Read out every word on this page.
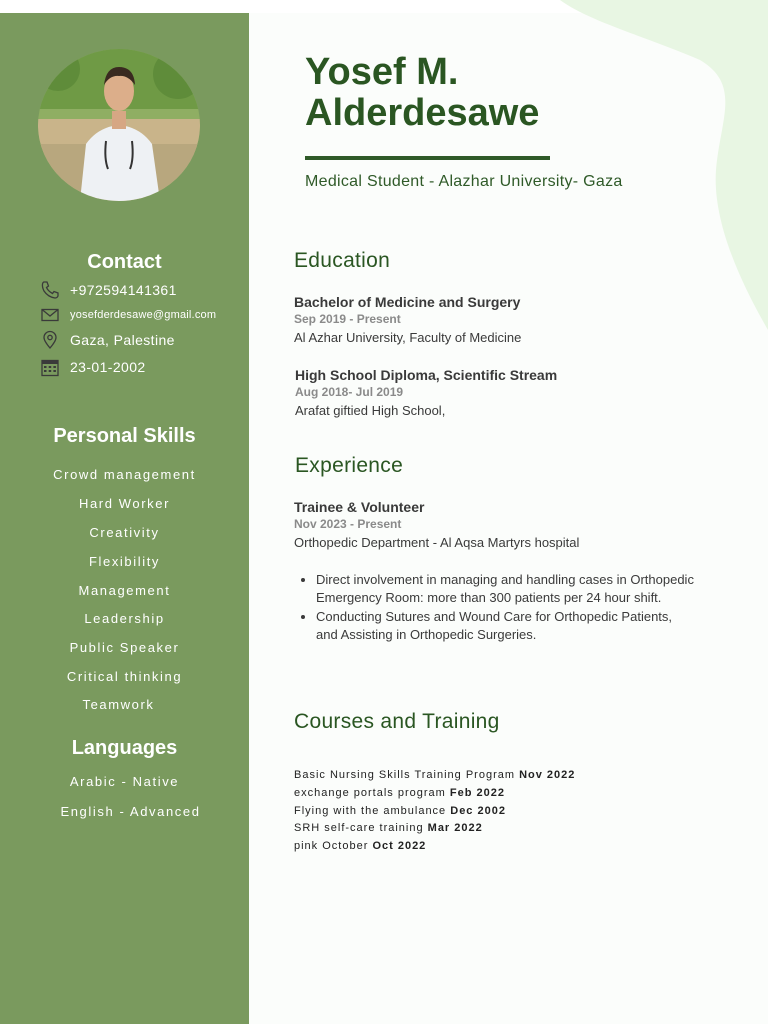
Contact
+972594141361
yosefderdesawe@gmail.com
Gaza, Palestine
23-01-2002
Personal Skills
Crowd management
Hard Worker
Creativity
Flexibility
Management
Leadership
Public Speaker
Critical thinking
Teamwork
Languages
Arabic - Native
English - Advanced
Yosef M.
Alderdesawe
Medical Student - Alazhar University- Gaza
Education
Bachelor of Medicine and Surgery
Sep 2019 - Present
Al Azhar University, Faculty of Medicine
High School Diploma, Scientific Stream
Aug 2018- Jul 2019
Arafat giftied High School,
Experience
Trainee & Volunteer
Nov 2023 - Present
Orthopedic Department - Al Aqsa Martyrs hospital
• Direct involvement in managing and handling cases in Orthopedic Emergency Room: more than 300 patients per 24 hour shift.
• Conducting Sutures and Wound Care for Orthopedic Patients, and Assisting in Orthopedic Surgeries.
Courses and Training
Basic Nursing Skills Training Program Nov 2022
exchange portals program Feb 2022
Flying with the ambulance Dec 2002
SRH self-care training Mar 2022
pink October Oct 2022
